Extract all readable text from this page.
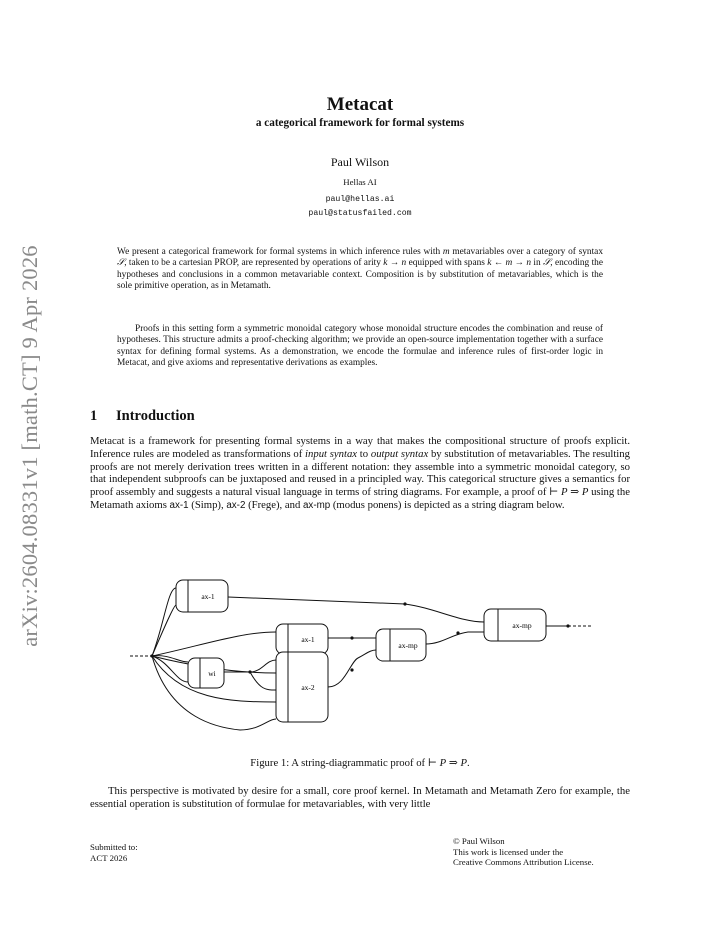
arXiv:2604.08331v1 [math.CT] 9 Apr 2026
Metacat
a categorical framework for formal systems
Paul Wilson
Hellas AI
paul@hellas.ai
paul@statusfailed.com
We present a categorical framework for formal systems in which inference rules with m metavariables over a category of syntax 𝒮, taken to be a cartesian PROP, are represented by operations of arity k → n equipped with spans k ← m → n in 𝒮, encoding the hypotheses and conclusions in a common metavariable context. Composition is by substitution of metavariables, which is the sole primitive operation, as in Metamath.
Proofs in this setting form a symmetric monoidal category whose monoidal structure encodes the combination and reuse of hypotheses. This structure admits a proof-checking algorithm; we provide an open-source implementation together with a surface syntax for defining formal systems. As a demonstration, we encode the formulae and inference rules of first-order logic in Metacat, and give axioms and representative derivations as examples.
1 Introduction
Metacat is a framework for presenting formal systems in a way that makes the compositional structure of proofs explicit. Inference rules are modeled as transformations of input syntax to output syntax by substitution of metavariables. The resulting proofs are not merely derivation trees written in a different notation: they assemble into a symmetric monoidal category, so that independent subproofs can be juxtaposed and reused in a principled way. This categorical structure gives a semantics for proof assembly and suggests a natural visual language in terms of string diagrams. For example, a proof of ⊢ P ⇒ P using the Metamath axioms ax-1 (Simp), ax-2 (Frege), and ax-mp (modus ponens) is depicted as a string diagram below.
ax-1
ax-1
wi
ax-2
ax-mp
ax-mp
Figure 1: A string-diagrammatic proof of ⊢ P ⇒ P.
This perspective is motivated by desire for a small, core proof kernel. In Metamath and Metamath Zero for example, the essential operation is substitution of formulae for metavariables, with very little
Submitted to:
ACT 2026
© Paul Wilson
This work is licensed under the
Creative Commons Attribution License.
